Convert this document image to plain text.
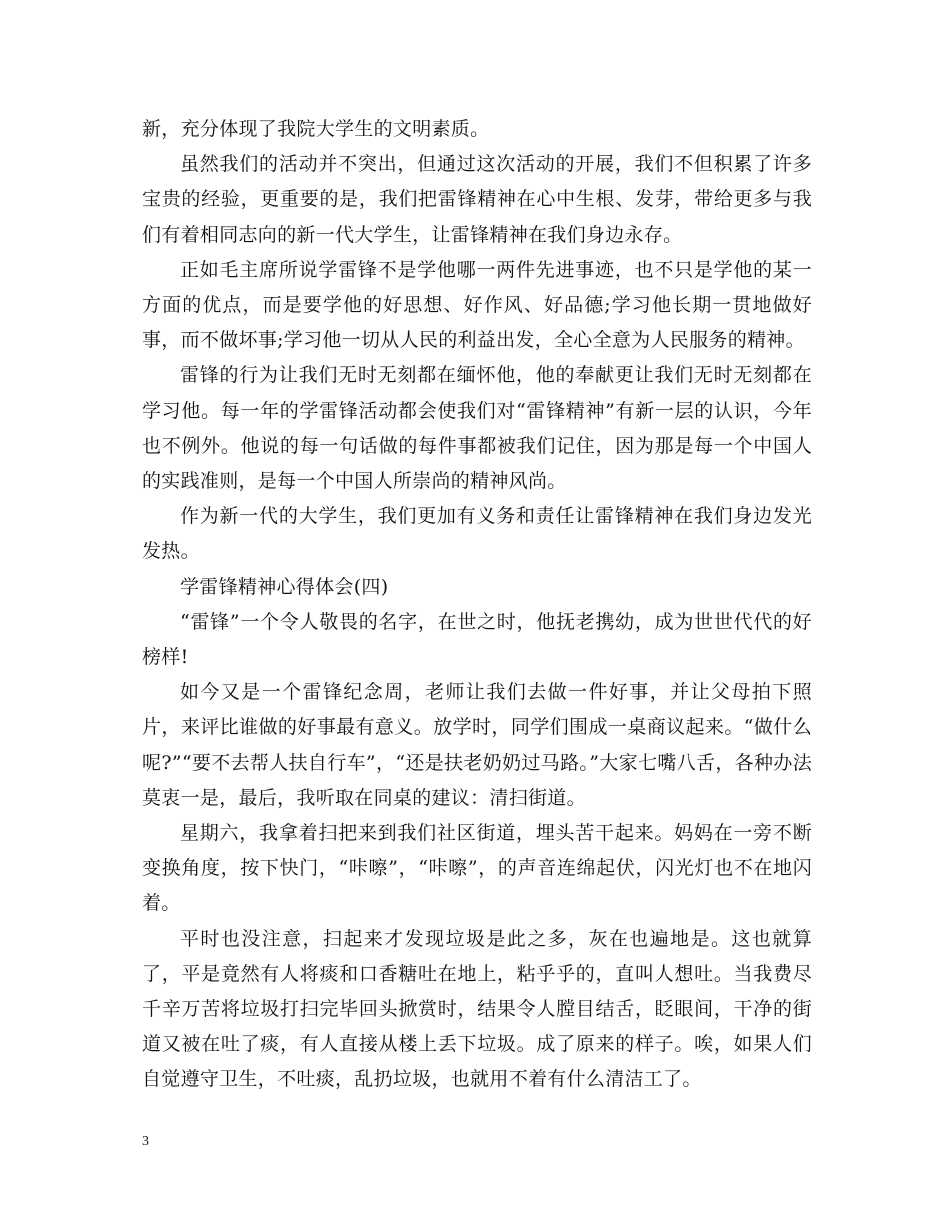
新，充分体现了我院大学生的文明素质。

虽然我们的活动并不突出，但通过这次活动的开展，我们不但积累了许多宝贵的经验，更重要的是，我们把雷锋精神在心中生根、发芽，带给更多与我们有着相同志向的新一代大学生，让雷锋精神在我们身边永存。

正如毛主席所说学雷锋不是学他哪一两件先进事迹，也不只是学他的某一方面的优点，而是要学他的好思想、好作风、好品德;学习他长期一贯地做好事，而不做坏事;学习他一切从人民的利益出发，全心全意为人民服务的精神。

雷锋的行为让我们无时无刻都在缅怀他，他的奉献更让我们无时无刻都在学习他。每一年的学雷锋活动都会使我们对“雷锋精神”有新一层的认识，今年也不例外。他说的每一句话做的每件事都被我们记住，因为那是每一个中国人的实践准则，是每一个中国人所崇尚的精神风尚。

作为新一代的大学生，我们更加有义务和责任让雷锋精神在我们身边发光发热。

学雷锋精神心得体会(四)

“雷锋”一个令人敬畏的名字，在世之时，他抚老携幼，成为世世代代的好榜样!

如今又是一个雷锋纪念周，老师让我们去做一件好事，并让父母拍下照片，来评比谁做的好事最有意义。放学时，同学们围成一桌商议起来。“做什么呢?”“要不去帮人扶自行车”，“还是扶老奶奶过马路。”大家七嘴八舌，各种办法莫衷一是，最后，我听取在同桌的建议：清扫街道。

星期六，我拿着扫把来到我们社区街道，埋头苦干起来。妈妈在一旁不断变换角度，按下快门，“咔嚓”，“咔嚓”，的声音连绵起伏，闪光灯也不在地闪着。

平时也没注意，扫起来才发现垃圾是此之多，灰在也遍地是。这也就算了，平是竟然有人将痰和口香糖吐在地上，粘乎乎的，直叫人想吐。当我费尽千辛万苦将垃圾打扫完毕回头掀赏时，结果令人膛目结舌，眨眼间，干净的街道又被在吐了痰，有人直接从楼上丢下垃圾。成了原来的样子。唉，如果人们自觉遵守卫生，不吐痰，乱扔垃圾，也就用不着有什么清洁工了。

3
